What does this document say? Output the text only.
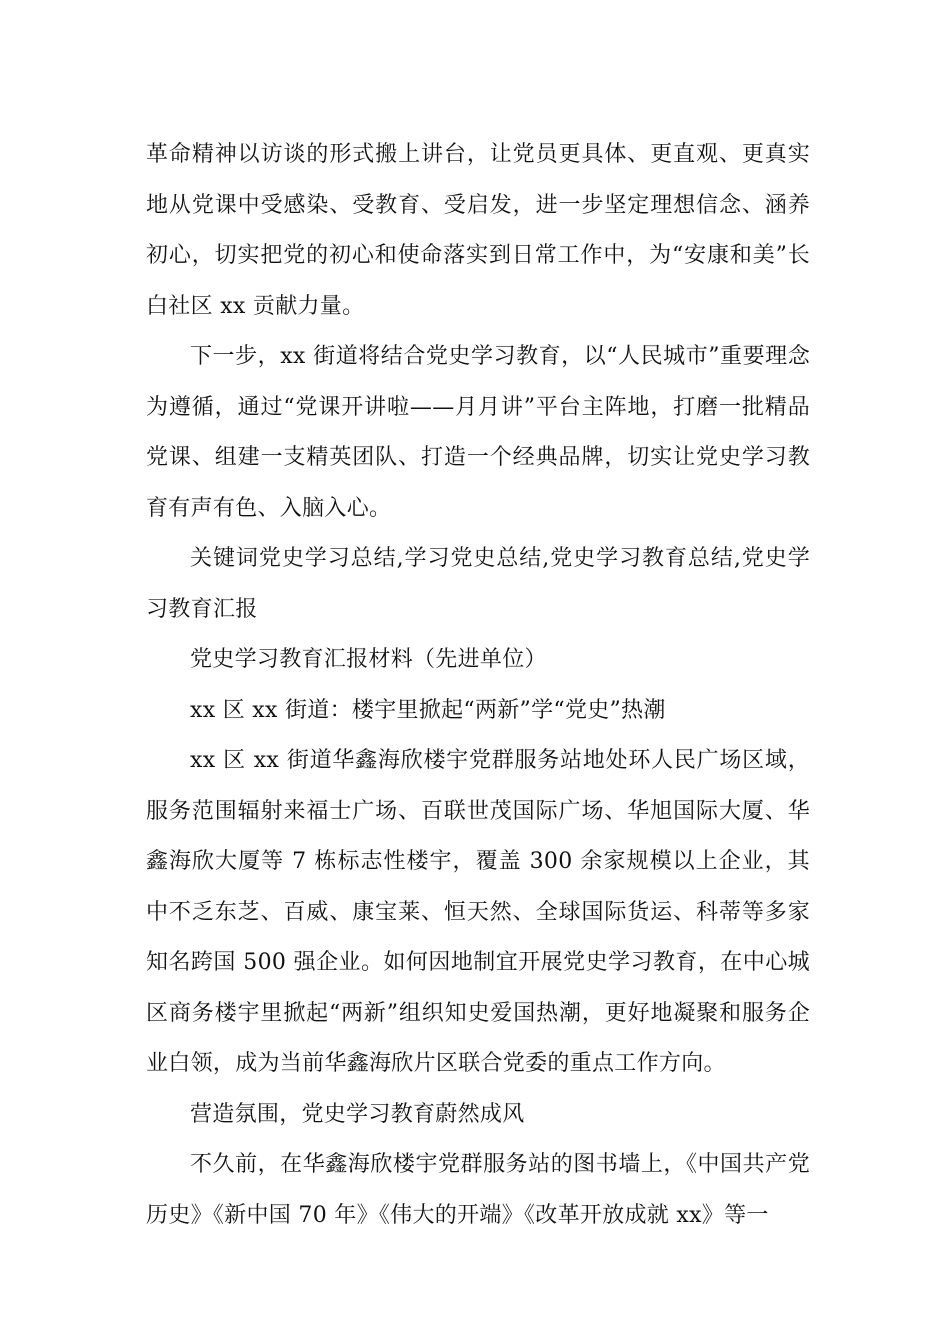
革命精神以访谈的形式搬上讲台，让党员更具体、更直观、更真实地从党课中受感染、受教育、受启发，进一步坚定理想信念、涵养初心，切实把党的初心和使命落实到日常工作中，为“安康和美”长白社区 xx 贡献力量。

下一步，xx 街道将结合党史学习教育，以“人民城市”重要理念为遵循，通过“党课开讲啦——月月讲”平台主阵地，打磨一批精品党课、组建一支精英团队、打造一个经典品牌，切实让党史学习教育有声有色、入脑入心。

关键词党史学习总结,学习党史总结,党史学习教育总结,党史学习教育汇报

党史学习教育汇报材料（先进单位）

xx 区 xx 街道：楼宇里掀起“两新”学“党史”热潮

xx 区 xx 街道华鑫海欣楼宇党群服务站地处环人民广场区域，服务范围辐射来福士广场、百联世茂国际广场、华旭国际大厦、华鑫海欣大厦等 7 栋标志性楼宇，覆盖 300 余家规模以上企业，其中不乏东芝、百威、康宝莱、恒天然、全球国际货运、科蒂等多家知名跨国 500 强企业。如何因地制宜开展党史学习教育，在中心城区商务楼宇里掀起“两新”组织知史爱国热潮，更好地凝聚和服务企业白领，成为当前华鑫海欣片区联合党委的重点工作方向。

营造氛围，党史学习教育蔚然成风

不久前，在华鑫海欣楼宇党群服务站的图书墙上，《中国共产党历史》《新中国 70 年》《伟大的开端》《改革开放成就 xx》等一
